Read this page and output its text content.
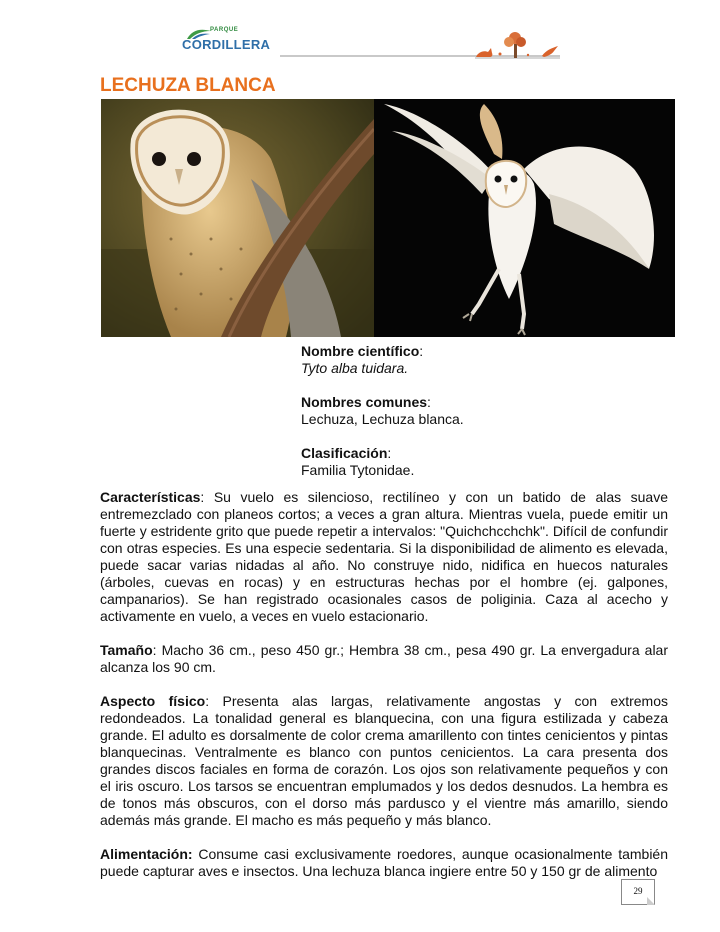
PARQUE
CORDILLERA
LECHUZA BLANCA
Nombre científico:
Tyto alba tuidara.
Nombres comunes:
Lechuza, Lechuza blanca.
Clasificación:
Familia Tytonidae.

Características: Su vuelo es silencioso, rectilíneo y con un batido de alas suave entremezclado con planeos cortos; a veces a gran altura. Mientras vuela, puede emitir un fuerte y estridente grito que puede repetir a intervalos: "Quichchcchchk". Difícil de confundir con otras especies. Es una especie sedentaria. Si la disponibilidad de alimento es elevada, puede sacar varias nidadas al año. No construye nido, nidifica en huecos naturales (árboles, cuevas en rocas) y en estructuras hechas por el hombre (ej. galpones, campanarios). Se han registrado ocasionales casos de poliginia. Caza al acecho y activamente en vuelo, a veces en vuelo estacionario.

Tamaño: Macho 36 cm., peso 450 gr.; Hembra 38 cm., pesa 490 gr. La envergadura alar alcanza los 90 cm.

Aspecto físico: Presenta alas largas, relativamente angostas y con extremos redondeados. La tonalidad general es blanquecina, con una figura estilizada y cabeza grande. El adulto es dorsalmente de color crema amarillento con tintes cenicientos y pintas blanquecinas. Ventralmente es blanco con puntos cenicientos. La cara presenta dos grandes discos faciales en forma de corazón. Los ojos son relativamente pequeños y con el iris oscuro. Los tarsos se encuentran emplumados y los dedos desnudos. La hembra es de tonos más obscuros, con el dorso más pardusco y el vientre más amarillo, siendo además más grande. El macho es más pequeño y más blanco.

Alimentación: Consume casi exclusivamente roedores, aunque ocasionalmente también puede capturar aves e insectos. Una lechuza blanca ingiere entre 50 y 150 gr de alimento

29
